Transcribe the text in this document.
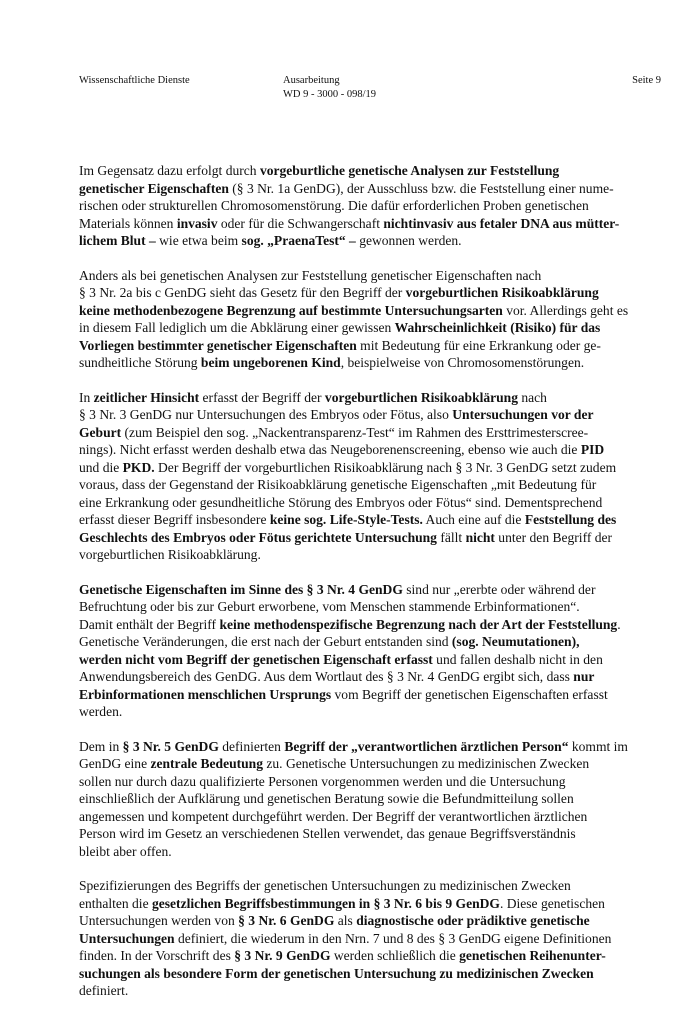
Wissenschaftliche Dienste	Ausarbeitung
WD 9 - 3000 - 098/19
Seite 9

Im Gegensatz dazu erfolgt durch vorgeburtliche genetische Analysen zur Feststellung
genetischer Eigenschaften (§ 3 Nr. 1a GenDG), der Ausschluss bzw. die Feststellung einer nume-
rischen oder strukturellen Chromosomenstörung. Die dafür erforderlichen Proben genetischen
Materials können invasiv oder für die Schwangerschaft nichtinvasiv aus fetaler DNA aus mütter-
lichem Blut – wie etwa beim sog. „PraenaTest“ – gewonnen werden.

Anders als bei genetischen Analysen zur Feststellung genetischer Eigenschaften nach
§ 3 Nr. 2a bis c GenDG sieht das Gesetz für den Begriff der vorgeburtlichen Risikoabklärung
keine methodenbezogene Begrenzung auf bestimmte Untersuchungsarten vor. Allerdings geht es
in diesem Fall lediglich um die Abklärung einer gewissen Wahrscheinlichkeit (Risiko) für das
Vorliegen bestimmter genetischer Eigenschaften mit Bedeutung für eine Erkrankung oder ge-
sundheitliche Störung beim ungeborenen Kind, beispielweise von Chromosomenstörungen.

In zeitlicher Hinsicht erfasst der Begriff der vorgeburtlichen Risikoabklärung nach
§ 3 Nr. 3 GenDG nur Untersuchungen des Embryos oder Fötus, also Untersuchungen vor der
Geburt (zum Beispiel den sog. „Nackentransparenz-Test“ im Rahmen des Ersttrimesterscree-
nings). Nicht erfasst werden deshalb etwa das Neugeborenenscreening, ebenso wie auch die PID
und die PKD. Der Begriff der vorgeburtlichen Risikoabklärung nach § 3 Nr. 3 GenDG setzt zudem
voraus, dass der Gegenstand der Risikoabklärung genetische Eigenschaften „mit Bedeutung für
eine Erkrankung oder gesundheitliche Störung des Embryos oder Fötus“ sind. Dementsprechend
erfasst dieser Begriff insbesondere keine sog. Life-Style-Tests. Auch eine auf die Feststellung des
Geschlechts des Embryos oder Fötus gerichtete Untersuchung fällt nicht unter den Begriff der
vorgeburtlichen Risikoabklärung.

Genetische Eigenschaften im Sinne des § 3 Nr. 4 GenDG sind nur „ererbte oder während der
Befruchtung oder bis zur Geburt erworbene, vom Menschen stammende Erbinformationen“.
Damit enthält der Begriff keine methodenspezifische Begrenzung nach der Art der Feststellung.
Genetische Veränderungen, die erst nach der Geburt entstanden sind (sog. Neumutationen),
werden nicht vom Begriff der genetischen Eigenschaft erfasst und fallen deshalb nicht in den
Anwendungsbereich des GenDG. Aus dem Wortlaut des § 3 Nr. 4 GenDG ergibt sich, dass nur
Erbinformationen menschlichen Ursprungs vom Begriff der genetischen Eigenschaften erfasst
werden.

Dem in § 3 Nr. 5 GenDG definierten Begriff der „verantwortlichen ärztlichen Person“ kommt im
GenDG eine zentrale Bedeutung zu. Genetische Untersuchungen zu medizinischen Zwecken
sollen nur durch dazu qualifizierte Personen vorgenommen werden und die Untersuchung
einschließlich der Aufklärung und genetischen Beratung sowie die Befundmitteilung sollen
angemessen und kompetent durchgeführt werden. Der Begriff der verantwortlichen ärztlichen
Person wird im Gesetz an verschiedenen Stellen verwendet, das genaue Begriffsverständnis
bleibt aber offen.

Spezifizierungen des Begriffs der genetischen Untersuchungen zu medizinischen Zwecken
enthalten die gesetzlichen Begriffsbestimmungen in § 3 Nr. 6 bis 9 GenDG. Diese genetischen
Untersuchungen werden von § 3 Nr. 6 GenDG als diagnostische oder prädiktive genetische
Untersuchungen definiert, die wiederum in den Nrn. 7 und 8 des § 3 GenDG eigene Definitionen
finden. In der Vorschrift des § 3 Nr. 9 GenDG werden schließlich die genetischen Reihenunter-
suchungen als besondere Form der genetischen Untersuchung zu medizinischen Zwecken
definiert.
